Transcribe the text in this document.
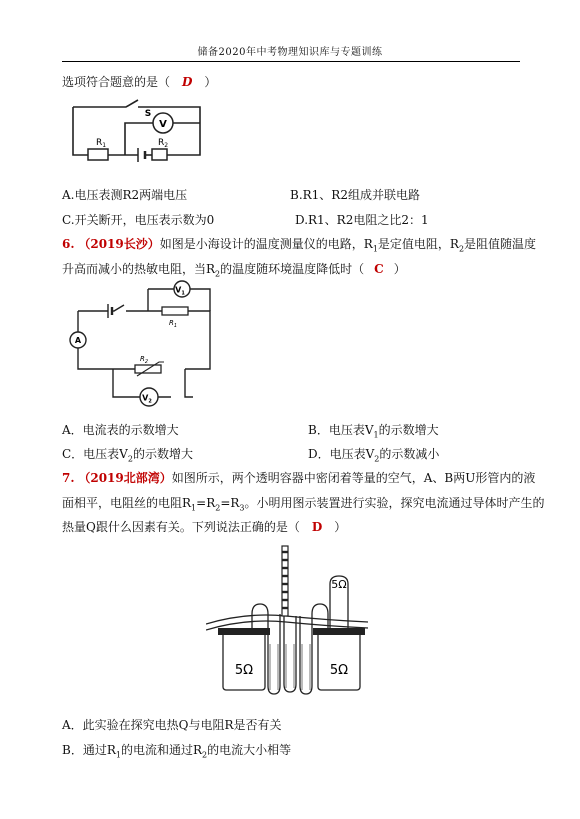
储备2020年中考物理知识库与专题训练
选项符合题意的是（ D ）
V
S
$R_1$	$R_2$
A.电压表测R2两端电压	B.R1、R2组成并联电路
C.开关断开，电压表示数为0	D.R1、R2电阻之比2：1
6. （2019长沙）如图是小海设计的温度测量仪的电路，$R_1$是定值电阻，$R_2$是阻值随温度
升高而减小的热敏电阻，当$R_2$的温度随环境温度降低时（ C ）
$V_1$
A
$V_2$
$R_1$
$R_2$
A．电流表的示数增大	B．电压表$V_1$的示数增大
C．电压表$V_2$的示数增大	D．电压表$V_2$的示数减小
7. （2019北部湾）如图所示，两个透明容器中密闭着等量的空气，A、B两U形管内的液
面相平，电阻丝的电阻$R_1=R_2=R_3$。小明用图示装置进行实验，探究电流通过导体时产生的
热量Q跟什么因素有关。下列说法正确的是（ D ）
5Ω	5Ω
5Ω
A．此实验在探究电热Q与电阻R是否有关
B．通过$R_1$的电流和通过$R_2$的电流大小相等
